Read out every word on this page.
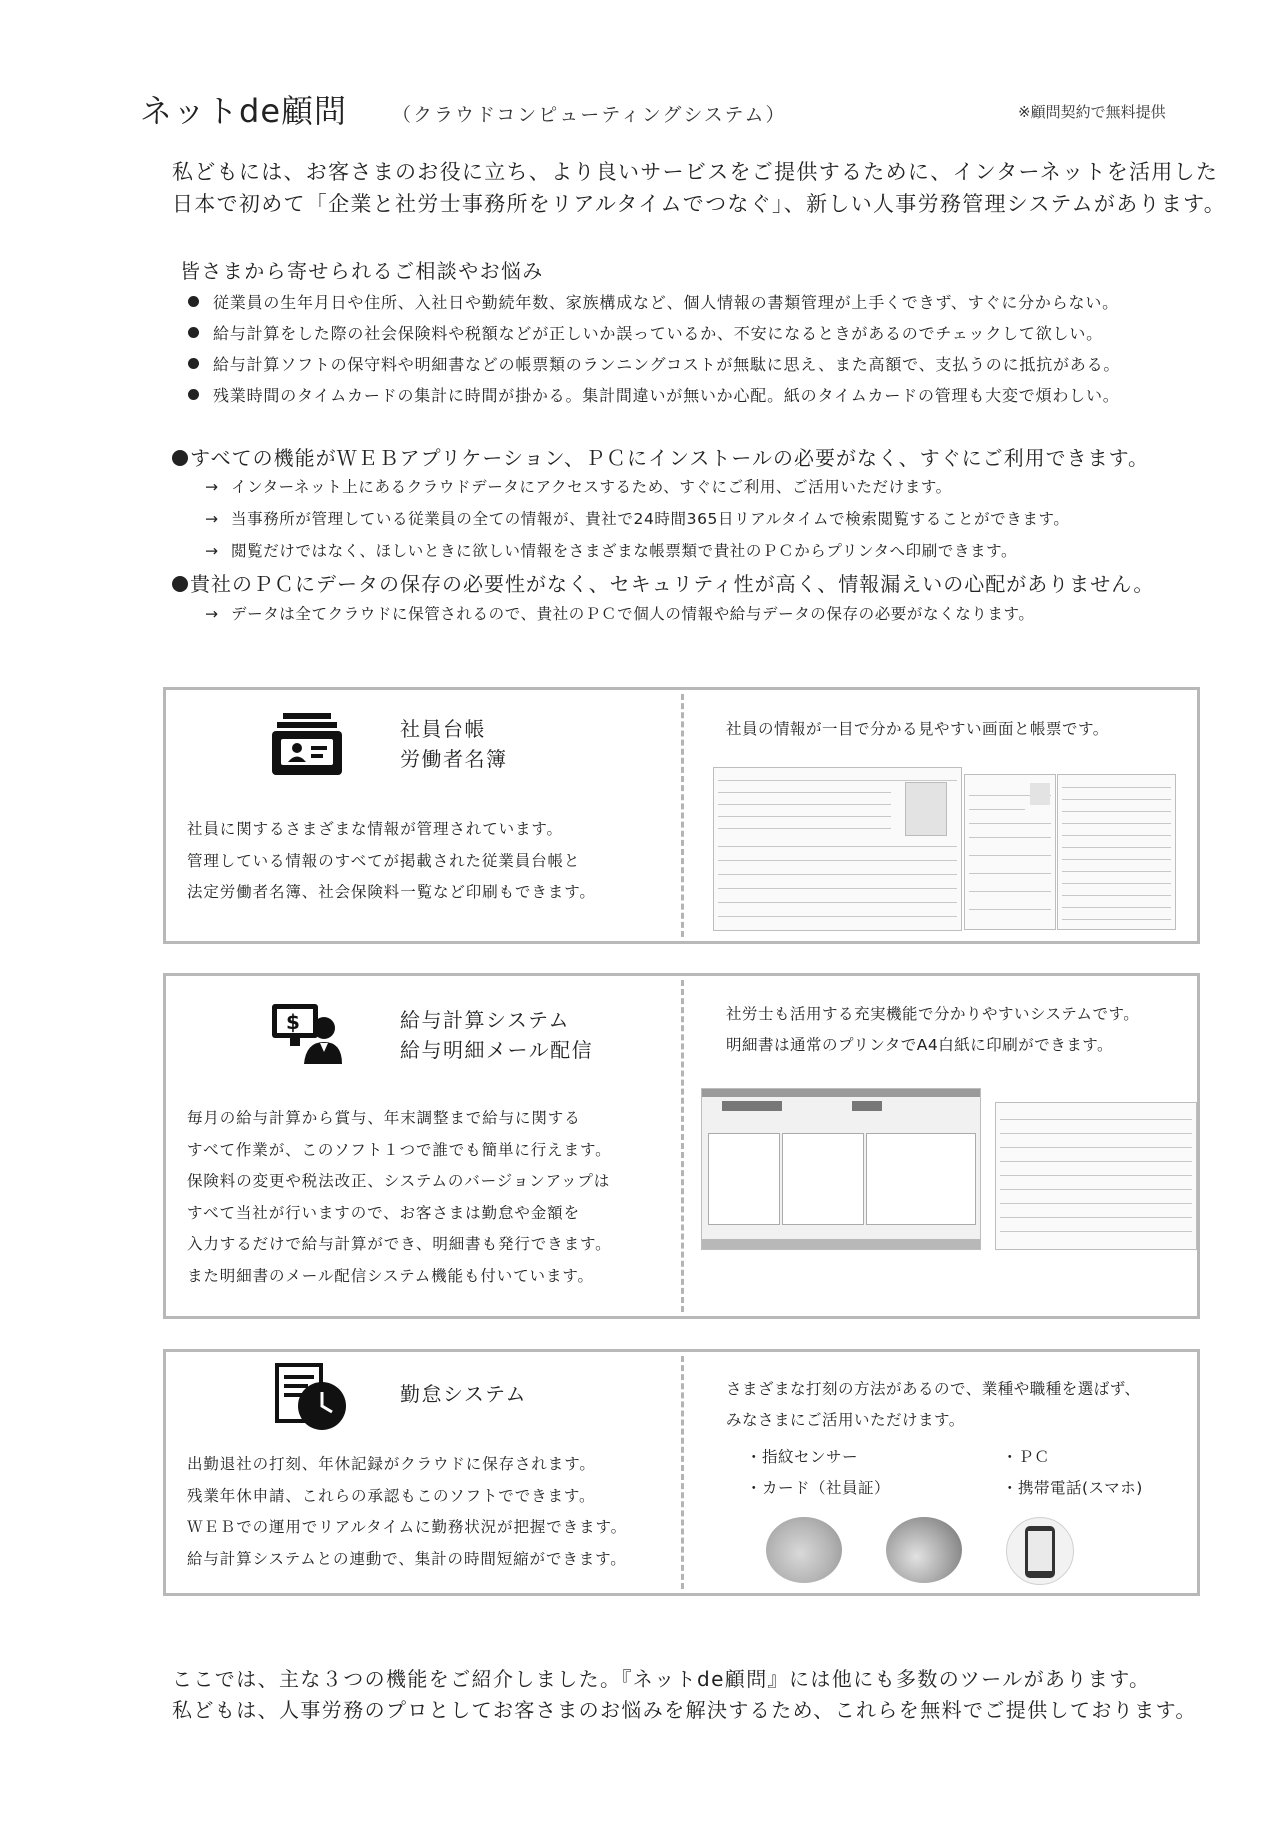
ネットde顧問 （クラウドコンピューティングシステム）	※顧問契約で無料提供
私どもには、お客さまのお役に立ち、より良いサービスをご提供するために、インターネットを活用した
日本で初めて「企業と社労士事務所をリアルタイムでつなぐ」、新しい人事労務管理システムがあります。
皆さまから寄せられるご相談やお悩み
従業員の生年月日や住所、入社日や勤続年数、家族構成など、個人情報の書類管理が上手くできず、すぐに分からない。
給与計算をした際の社会保険料や税額などが正しいか誤っているか、不安になるときがあるのでチェックして欲しい。
給与計算ソフトの保守料や明細書などの帳票類のランニングコストが無駄に思え、また高額で、支払うのに抵抗がある。
残業時間のタイムカードの集計に時間が掛かる。集計間違いが無いか心配。紙のタイムカードの管理も大変で煩わしい。
すべての機能がＷＥＢアプリケーション、ＰＣにインストールの必要がなく、すぐにご利用できます。
→ インターネット上にあるクラウドデータにアクセスするため、すぐにご利用、ご活用いただけます。
→ 当事務所が管理している従業員の全ての情報が、貴社で24時間365日リアルタイムで検索閲覧することができます。
→ 閲覧だけではなく、ほしいときに欲しい情報をさまざまな帳票類で貴社のＰＣからプリンタへ印刷できます。
貴社のＰＣにデータの保存の必要性がなく、セキュリティ性が高く、情報漏えいの心配がありません。
→ データは全てクラウドに保管されるので、貴社のＰＣで個人の情報や給与データの保存の必要がなくなります。
社員台帳
労働者名簿
社員に関するさまざまな情報が管理されています。
管理している情報のすべてが掲載された従業員台帳と
法定労働者名簿、社会保険料一覧など印刷もできます。
社員の情報が一目で分かる見やすい画面と帳票です。
$	給与計算システム
給与明細メール配信
毎月の給与計算から賞与、年末調整まで給与に関する
すべて作業が、このソフト１つで誰でも簡単に行えます。
保険料の変更や税法改正、システムのバージョンアップは
すべて当社が行いますので、お客さまは勤怠や金額を
入力するだけで給与計算ができ、明細書も発行できます。
また明細書のメール配信システム機能も付いています。
社労士も活用する充実機能で分かりやすいシステムです。
明細書は通常のプリンタでA4白紙に印刷ができます。
勤怠システム
出勤退社の打刻、年休記録がクラウドに保存されます。
残業年休申請、これらの承認もこのソフトでできます。
ＷＥＢでの運用でリアルタイムに勤務状況が把握できます。
給与計算システムとの連動で、集計の時間短縮ができます。
さまざまな打刻の方法があるので、業種や職種を選ばず、
みなさまにご活用いただけます。
・指紋センサー	・ＰＣ
・カード（社員証）	・携帯電話(スマホ)
ここでは、主な３つの機能をご紹介しました。『ネットde顧問』には他にも多数のツールがあります。
私どもは、人事労務のプロとしてお客さまのお悩みを解決するため、これらを無料でご提供しております。
